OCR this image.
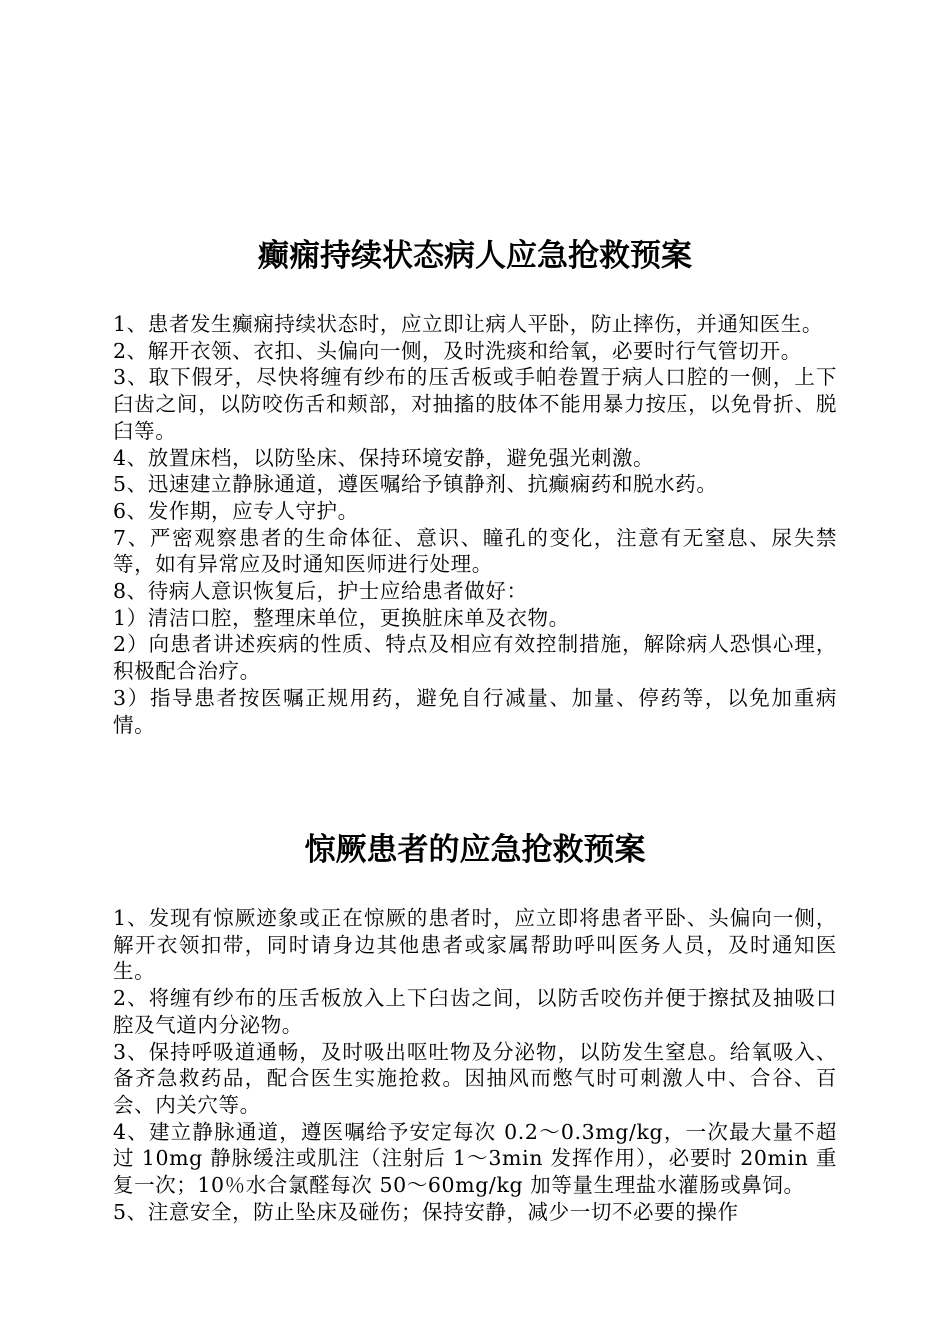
癫痫持续状态病人应急抢救预案

1、患者发生癫痫持续状态时，应立即让病人平卧，防止摔伤，并通知医生。

2、解开衣领、衣扣、头偏向一侧，及时洗痰和给氧，必要时行气管切开。

3、取下假牙，尽快将缠有纱布的压舌板或手帕卷置于病人口腔的一侧，上下臼齿之间，以防咬伤舌和颊部，对抽搐的肢体不能用暴力按压，以免骨折、脱臼等。

4、放置床档，以防坠床、保持环境安静，避免强光刺激。

5、迅速建立静脉通道，遵医嘱给予镇静剂、抗癫痫药和脱水药。

6、发作期，应专人守护。

7、严密观察患者的生命体征、意识、瞳孔的变化，注意有无窒息、尿失禁等，如有异常应及时通知医师进行处理。

8、待病人意识恢复后，护士应给患者做好：

1）清洁口腔，整理床单位，更换脏床单及衣物。

2）向患者讲述疾病的性质、特点及相应有效控制措施，解除病人恐惧心理，积极配合治疗。

3）指导患者按医嘱正规用药，避免自行减量、加量、停药等，以免加重病情。

惊厥患者的应急抢救预案

1、发现有惊厥迹象或正在惊厥的患者时，应立即将患者平卧、头偏向一侧，解开衣领扣带，同时请身边其他患者或家属帮助呼叫医务人员，及时通知医生。

2、将缠有纱布的压舌板放入上下臼齿之间，以防舌咬伤并便于擦拭及抽吸口腔及气道内分泌物。

3、保持呼吸道通畅，及时吸出呕吐物及分泌物，以防发生窒息。给氧吸入、备齐急救药品，配合医生实施抢救。因抽风而憋气时可刺激人中、合谷、百会、内关穴等。

4、建立静脉通道，遵医嘱给予安定每次 0.2～0.3mg/kg，一次最大量不超过 10mg 静脉缓注或肌注（注射后 1～3min 发挥作用），必要时 20min 重复一次；10％水合氯醛每次 50～60mg/kg 加等量生理盐水灌肠或鼻饲。

5、注意安全，防止坠床及碰伤；保持安静，减少一切不必要的操作
